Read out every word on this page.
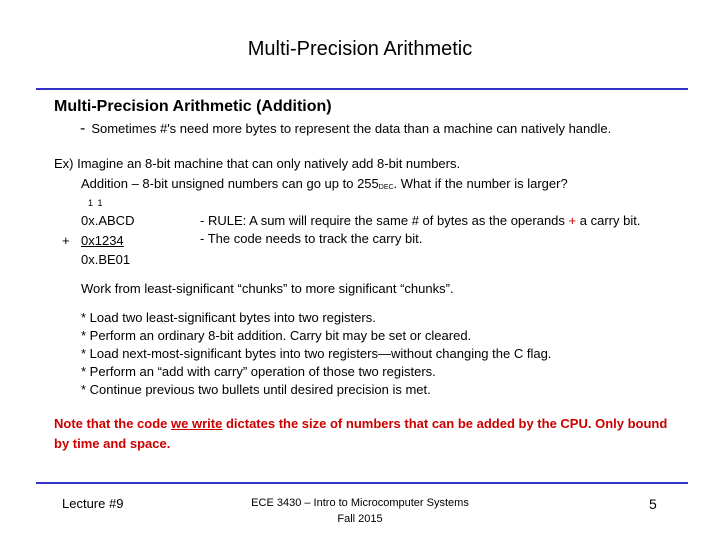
Multi-Precision Arithmetic
Multi-Precision Arithmetic (Addition)
- Sometimes #'s need more bytes to represent the data than a machine can natively handle.
Ex) Imagine an 8-bit machine that can only natively add 8-bit numbers.
Addition – 8-bit unsigned numbers can go up to 255DEC. What if the number is larger?
1 1
0x.ABCD
+ 0x1234
0x.BE01
- RULE: A sum will require the same # of bytes as the operands + a carry bit.
- The code needs to track the carry bit.
Work from least-significant “chunks” to more significant “chunks”.
* Load two least-significant bytes into two registers.
* Perform an ordinary 8-bit addition. Carry bit may be set or cleared.
* Load next-most-significant bytes into two registers—without changing the C flag.
* Perform an “add with carry” operation of those two registers.
* Continue previous two bullets until desired precision is met.
Note that the code we write dictates the size of numbers that can be added by the CPU. Only bound by time and space.
Lecture #9	ECE 3430 – Intro to Microcomputer Systems
Fall 2015
5
